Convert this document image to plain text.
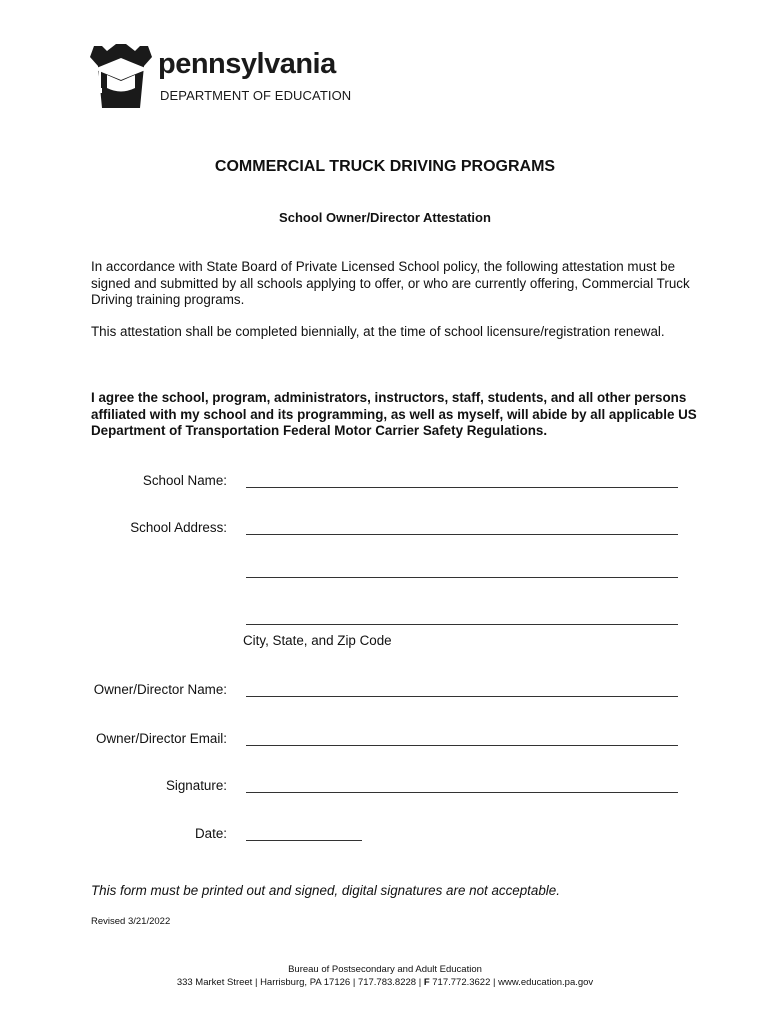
pennsylvania
DEPARTMENT OF EDUCATION
COMMERCIAL TRUCK DRIVING PROGRAMS
School Owner/Director Attestation

In accordance with State Board of Private Licensed School policy, the following attestation must be signed and submitted by all schools applying to offer, or who are currently offering, Commercial Truck Driving training programs.

This attestation shall be completed biennially, at the time of school licensure/registration renewal.

I agree the school, program, administrators, instructors, staff, students, and all other persons affiliated with my school and its programming, as well as myself, will abide by all applicable US Department of Transportation Federal Motor Carrier Safety Regulations.

School Name:
School Address:
City, State, and Zip Code
Owner/Director Name:
Owner/Director Email:
Signature:
Date:
This form must be printed out and signed, digital signatures are not acceptable.
Revised 3/21/2022
Bureau of Postsecondary and Adult Education
333 Market Street | Harrisburg, PA 17126 | 717.783.8228 | F 717.772.3622 | www.education.pa.gov
